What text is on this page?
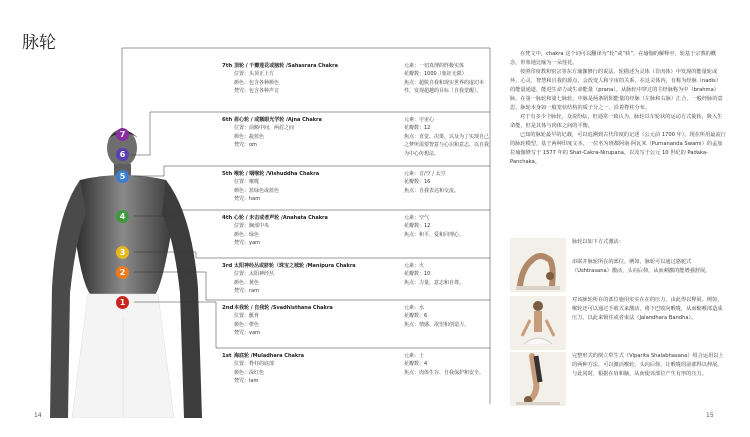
脉轮
14	15
7
6
5
4
3
2
1
7th 顶轮 / 千瓣莲花或脑轮 /Sahasrara Chakra
位置：头顶正上方
颜色：包含各种颜色
梵咒：包含各种声音
元素：一切真理的终极实体
花瓣数：1000（象征无限）
焦点：超脱自我和现实世界的虚幻本性，发现超越的目标（自我觉醒）。
6th 眉心轮 / 或额眼光学轮 /Ajna Chakra
位置：前额中间，两眉之间
颜色：靛蓝色
梵咒：om
元素：宇宙心
花瓣数：12
焦点：直觉、决策，以及为了实现自己之梦所需要智意与心识和意志，以自我为中心传想法。
5th 喉轮 / 咽喉轮 /Vishuddha Chakra
位置：喉咙
颜色：蓝绿色或蓝色
梵咒：ham
元素：音/空 / 太空
花瓣数：16
焦点：自我表达和交流。
4th 心轮 / 未击或者声轮 /Anahata Chakra
位置：胸部中央
颜色：绿色
梵咒：yam
元素：空气
花瓣数：12
焦点：和平、爱和同理心。
3rd 太阳神经丛或脐轮（珠宝之城轮 /Manipura Chakra
位置：太阳神经丛
颜色：黄色
梵咒：ram
元素：火
花瓣数：10
焦点：力量、意志和自尊。
2nd 本我轮 / 自我轮 /Svadhisthana Chakra
位置：骶骨
颜色：橙色
梵咒：vam
元素：水
花瓣数：6
焦点：情感、欲望和创造力。
1st 海底轮 /Muladhara Chakra
位置：脊柱的底部
颜色：深红色
梵咒：lam
元素：土
花瓣数：4
焦点：肉体生存、自我保护和安全。

在梵文中，chakra 这个词可以翻译为“轮”或“转”，在瑜伽的解释中，轮基于宗教的概念，形象地比喻为一朵莲花。

按照印度教和密宗等东方瑜伽修行的说法，轮描述为灵体（非肉体）中发现的能量轮或环，心灵、智慧和自我的源点，会改变人和宇宙的关系，在这灵体内，有称为经脉（nadis）的能量通道，能进生命力或生命能量（prana）。从脉轮中穿过的主经脉称为中（brahma）脉，在第一脉轮和第七脉轮，中脉是两条阴阳能量的经脉（左脉和右脉）汇合，一般经脉的意思，脉轮本身如一般笼状结构的质子分之一、沿着脊柱分布。

对于有多少个脉轮，众说纷纭，但通常一致认为，脉轮以车轮状的运动方式旋转，吸入生命能，但是其体与肉体之间的平衡。

已知的脉轮最早的记载，可以追溯到古代印度的记述（公元前 1700 年）。现在所用最流行的脉轮模型，基于两种印度文本，一位名为班都阿南·阿瓦米（Purnananda Swami）的孟加拉瑜伽修写于 1577 年的 Shat-Cakra-Nirupana，以及写于公元 10 世纪的 Padaka-Panchaka。

脉轮以如下方式激活：
串联并脉轮所在的部位。例如，脉轮可以通过骆驼式（Ushtrasana）激活，头向后仰，从而刺激的能增强舒展。
对该脉轮所在的部位施用实实在在的压力，由此得以释展。例如，喉轮还可以通过手收式来激活，将下巴收向喉咙，从而缩喉部造成压力，以此来锁住或者束法（Jalandhara Bandha）。
完整形式的倒立犁生式（Viparita Shalabhasana）组合运用以上的两种方法，可以激活喉轮，头向后仰，让喉咙的前部得以伸展，与此同时，根据在肩和脑，从而使该部位产生有形的压力。
